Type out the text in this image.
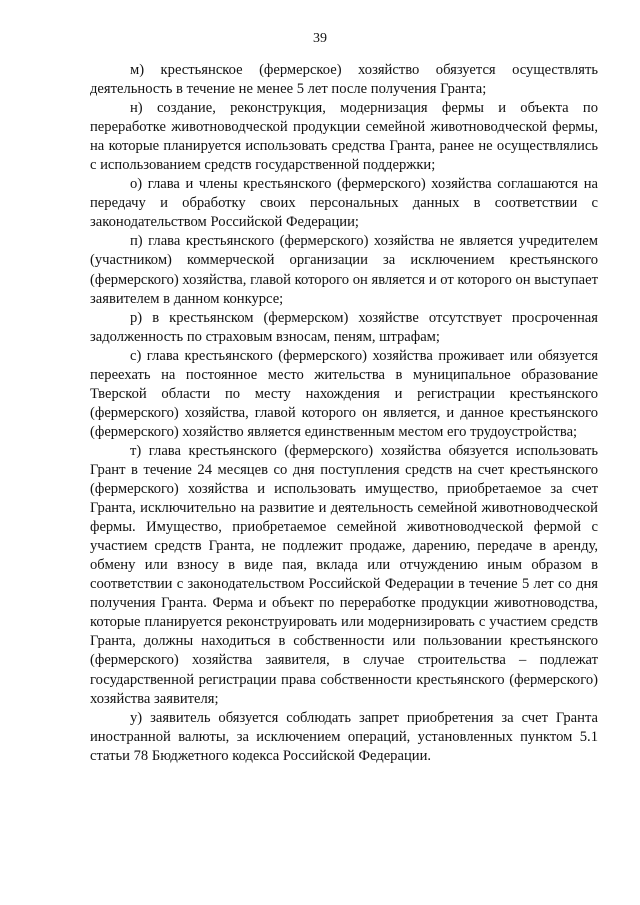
39

м) крестьянское (фермерское) хозяйство обязуется осуществлять деятельность в течение не менее 5 лет после получения Гранта;

н) создание, реконструкция, модернизация фермы и объекта по переработке животноводческой продукции семейной животноводческой фермы, на которые планируется использовать средства Гранта, ранее не осуществлялись с использованием средств государственной поддержки;

о) глава и члены крестьянского (фермерского) хозяйства соглашаются на передачу и обработку своих персональных данных в соответствии с законодательством Российской Федерации;

п) глава крестьянского (фермерского) хозяйства не является учредителем (участником) коммерческой организации за исключением крестьянского (фермерского) хозяйства, главой которого он является и от которого он выступает заявителем в данном конкурсе;

р) в крестьянском (фермерском) хозяйстве отсутствует просроченная задолженность по страховым взносам, пеням, штрафам;

с) глава крестьянского (фермерского) хозяйства проживает или обязуется переехать на постоянное место жительства в муниципальное образование Тверской области по месту нахождения и регистрации крестьянского (фермерского) хозяйства, главой которого он является, и данное крестьянского (фермерского) хозяйство является единственным местом его трудоустройства;

т) глава крестьянского (фермерского) хозяйства обязуется использовать Грант в течение 24 месяцев со дня поступления средств на счет крестьянского (фермерского) хозяйства и использовать имущество, приобретаемое за счет Гранта, исключительно на развитие и деятельность семейной животноводческой фермы. Имущество, приобретаемое семейной животноводческой фермой с участием средств Гранта, не подлежит продаже, дарению, передаче в аренду, обмену или взносу в виде пая, вклада или отчуждению иным образом в соответствии с законодательством Российской Федерации в течение 5 лет со дня получения Гранта. Ферма и объект по переработке продукции животноводства, которые планируется реконструировать или модернизировать с участием средств Гранта, должны находиться в собственности или пользовании крестьянского (фермерского) хозяйства заявителя, в случае строительства – подлежат государственной регистрации права собственности крестьянского (фермерского) хозяйства заявителя;

у) заявитель обязуется соблюдать запрет приобретения за счет Гранта иностранной валюты, за исключением операций, установленных пунктом 5.1 статьи 78 Бюджетного кодекса Российской Федерации.
